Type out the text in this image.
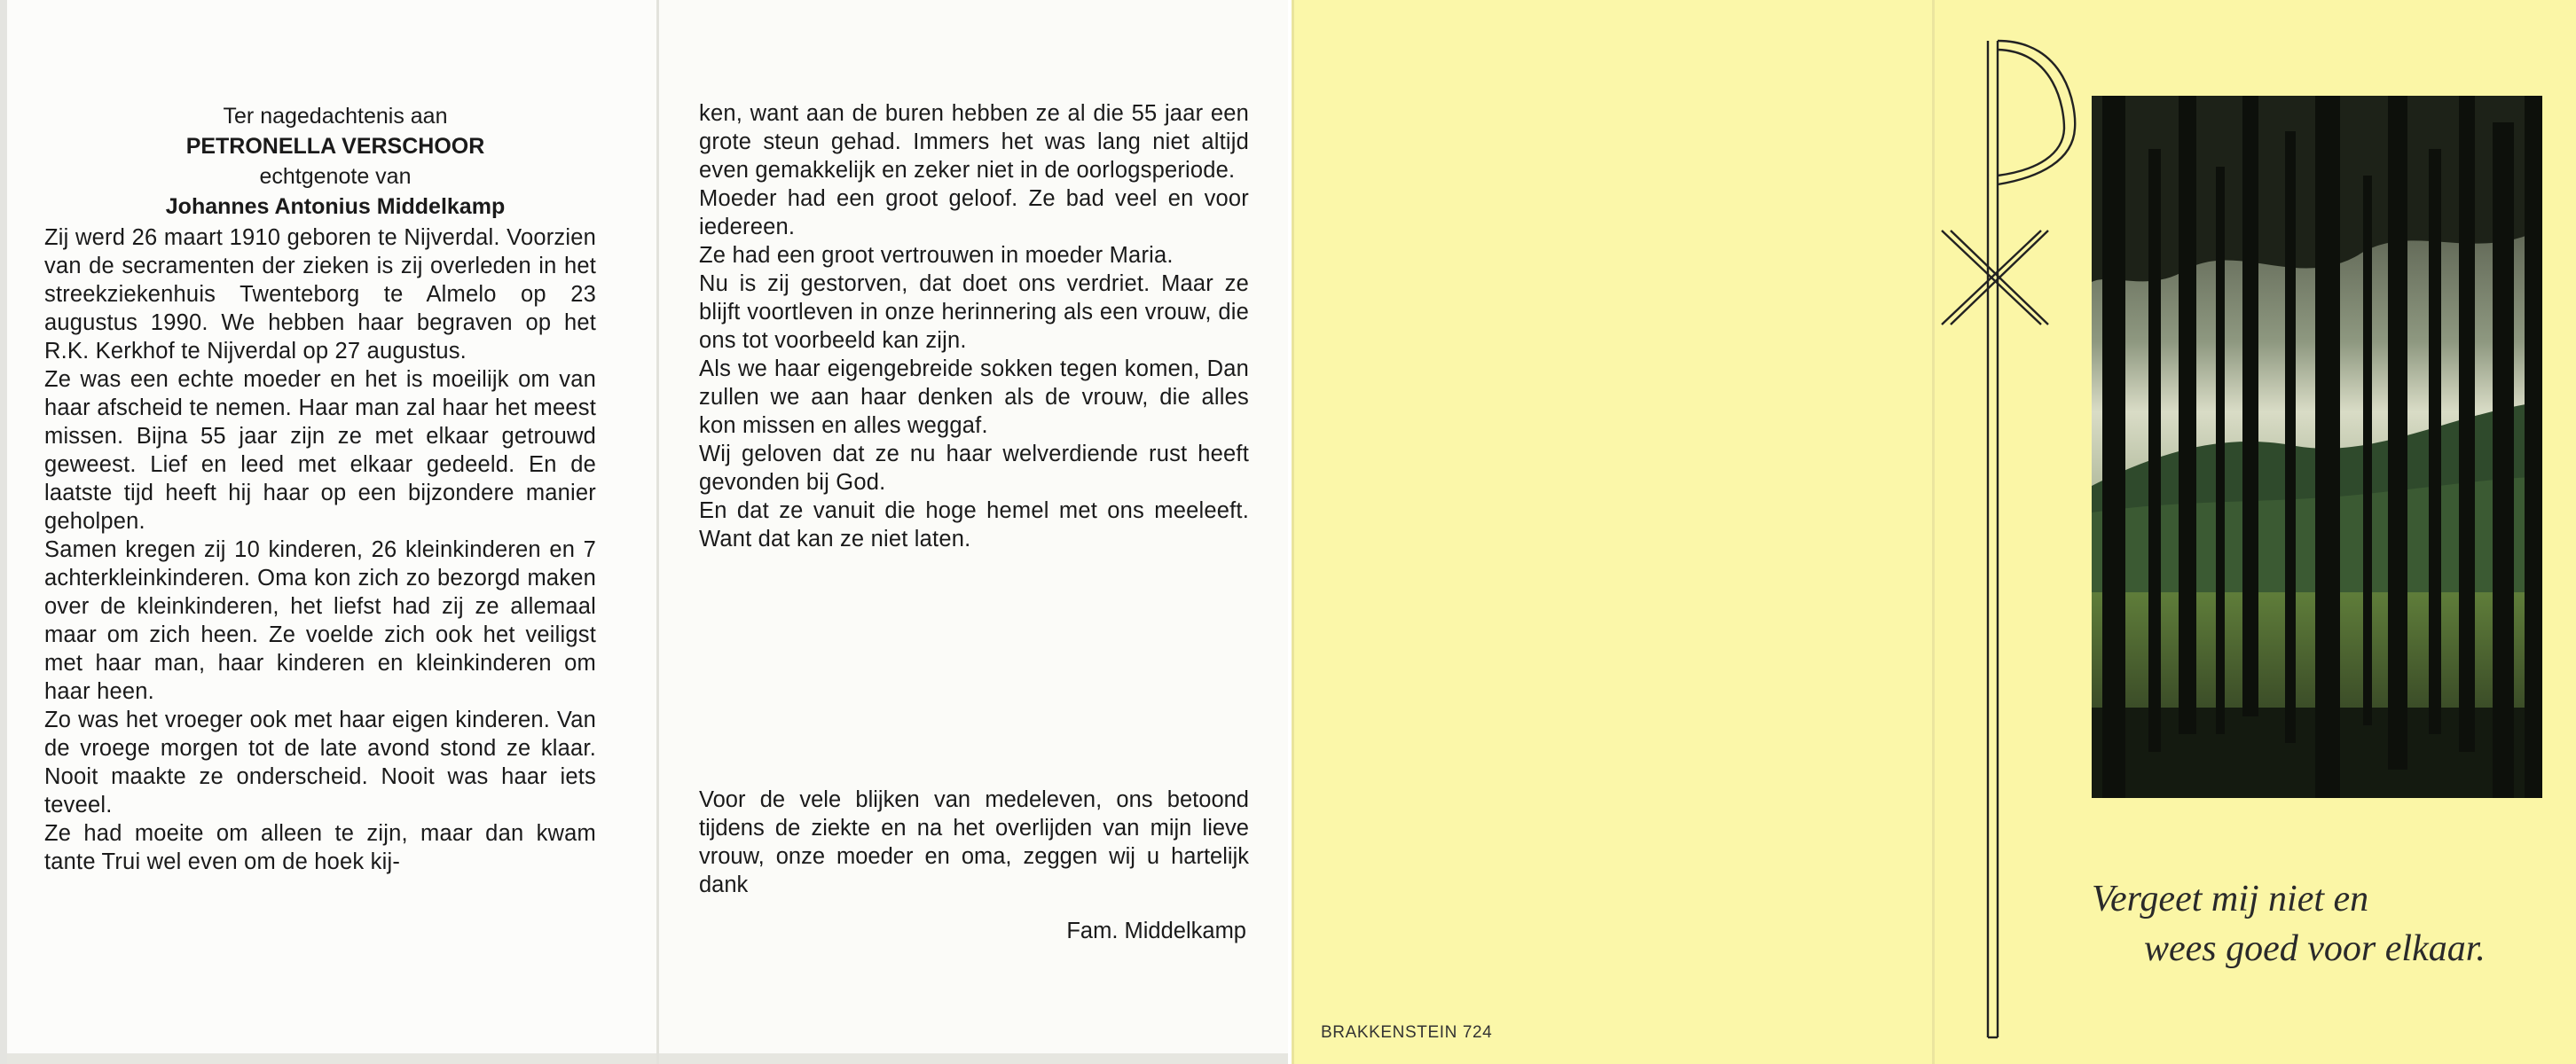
Ter nagedachtenis aan
PETRONELLA VERSCHOOR
echtgenote van
Johannes Antonius Middelkamp

Zij werd 26 maart 1910 geboren te Nijverdal. Voorzien van de secramenten der zieken is zij overleden in het streekziekenhuis Twenteborg te Almelo op 23 augustus 1990. We hebben haar begraven op het R.K. Kerkhof te Nijverdal op 27 augustus.

Ze was een echte moeder en het is moeilijk om van haar afscheid te nemen. Haar man zal haar het meest missen. Bijna 55 jaar zijn ze met elkaar getrouwd geweest. Lief en leed met elkaar gedeeld. En de laatste tijd heeft hij haar op een bijzondere manier geholpen.

Samen kregen zij 10 kinderen, 26 kleinkinderen en 7 achterkleinkinderen. Oma kon zich zo bezorgd maken over de kleinkinderen, het liefst had zij ze allemaal maar om zich heen. Ze voelde zich ook het veiligst met haar man, haar kinderen en kleinkinderen om haar heen.

Zo was het vroeger ook met haar eigen kinderen. Van de vroege morgen tot de late avond stond ze klaar. Nooit maakte ze onderscheid. Nooit was haar iets teveel.

Ze had moeite om alleen te zijn, maar dan kwam tante Trui wel even om de hoek kij-

ken, want aan de buren hebben ze al die 55 jaar een grote steun gehad. Immers het was lang niet altijd even gemakkelijk en zeker niet in de oorlogsperiode.

Moeder had een groot geloof. Ze bad veel en voor iedereen.

Ze had een groot vertrouwen in moeder Maria.

Nu is zij gestorven, dat doet ons verdriet. Maar ze blijft voortleven in onze herinnering als een vrouw, die ons tot voorbeeld kan zijn.

Als we haar eigengebreide sokken tegen komen, Dan zullen we aan haar denken als de vrouw, die alles kon missen en alles weggaf.

Wij geloven dat ze nu haar welverdiende rust heeft gevonden bij God.

En dat ze vanuit die hoge hemel met ons meeleeft. Want dat kan ze niet laten.

Voor de vele blijken van medeleven, ons betoond tijdens de ziekte en na het overlijden van mijn lieve vrouw, onze moeder en oma, zeggen wij u hartelijk dank
Fam. Middelkamp
BRAKKENSTEIN 724
Vergeet mij niet en
wees goed voor elkaar.
